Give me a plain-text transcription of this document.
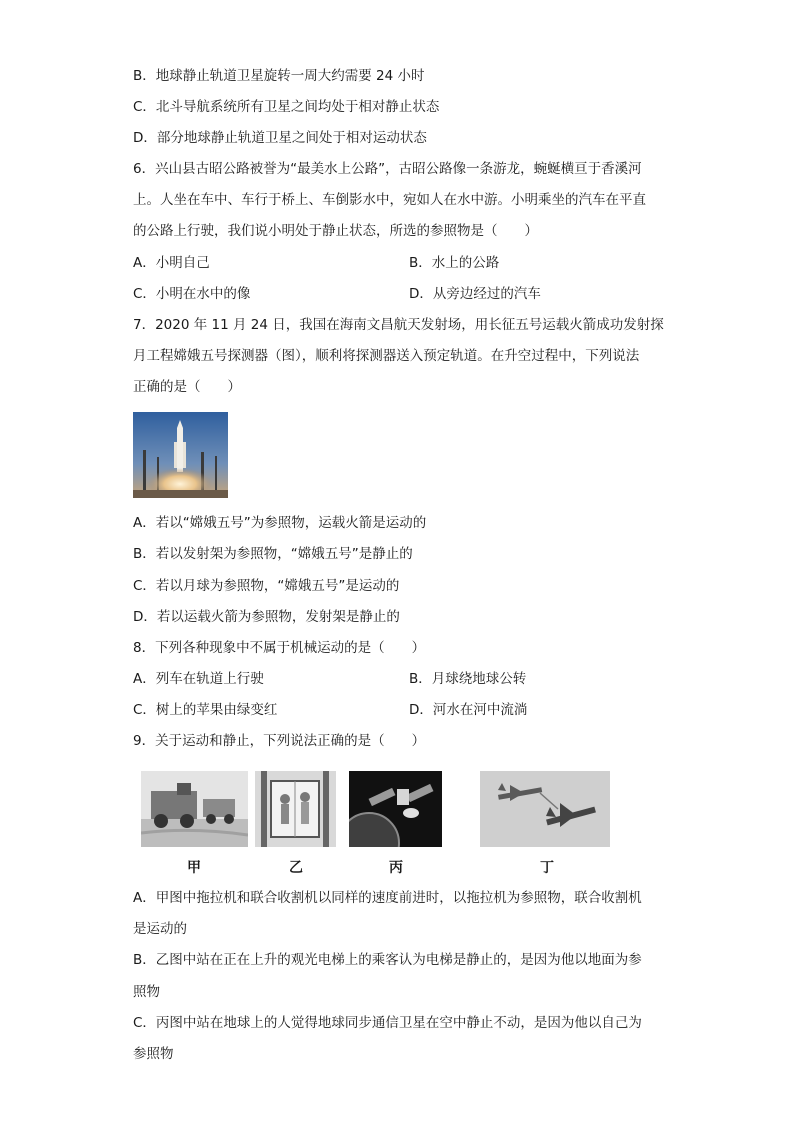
B．地球静止轨道卫星旋转一周大约需要 24 小时
C．北斗导航系统所有卫星之间均处于相对静止状态
D．部分地球静止轨道卫星之间处于相对运动状态
6．兴山县古昭公路被誉为“最美水上公路”，古昭公路像一条游龙，蜿蜒横亘于香溪河
上。人坐在车中、车行于桥上、车倒影水中，宛如人在水中游。小明乘坐的汽车在平直
的公路上行驶，我们说小明处于静止状态，所选的参照物是（　　）
A．小明自己	B．水上的公路
C．小明在水中的像	D．从旁边经过的汽车
7．2020 年 11 月 24 日，我国在海南文昌航天发射场，用长征五号运载火箭成功发射探
月工程嫦娥五号探测器（图），顺利将探测器送入预定轨道。在升空过程中，下列说法
正确的是（　　）
A．若以“嫦娥五号”为参照物，运载火箭是运动的
B．若以发射架为参照物，“嫦娥五号”是静止的
C．若以月球为参照物，“嫦娥五号”是运动的
D．若以运载火箭为参照物，发射架是静止的
8．下列各种现象中不属于机械运动的是（　　）
A．列车在轨道上行驶	B．月球绕地球公转
C．树上的苹果由绿变红	D．河水在河中流淌
9．关于运动和静止，下列说法正确的是（　　）
甲	乙	丙	丁
A．甲图中拖拉机和联合收割机以同样的速度前进时，以拖拉机为参照物，联合收割机
是运动的
B．乙图中站在正在上升的观光电梯上的乘客认为电梯是静止的，是因为他以地面为参
照物
C．丙图中站在地球上的人觉得地球同步通信卫星在空中静止不动，是因为他以自己为
参照物
